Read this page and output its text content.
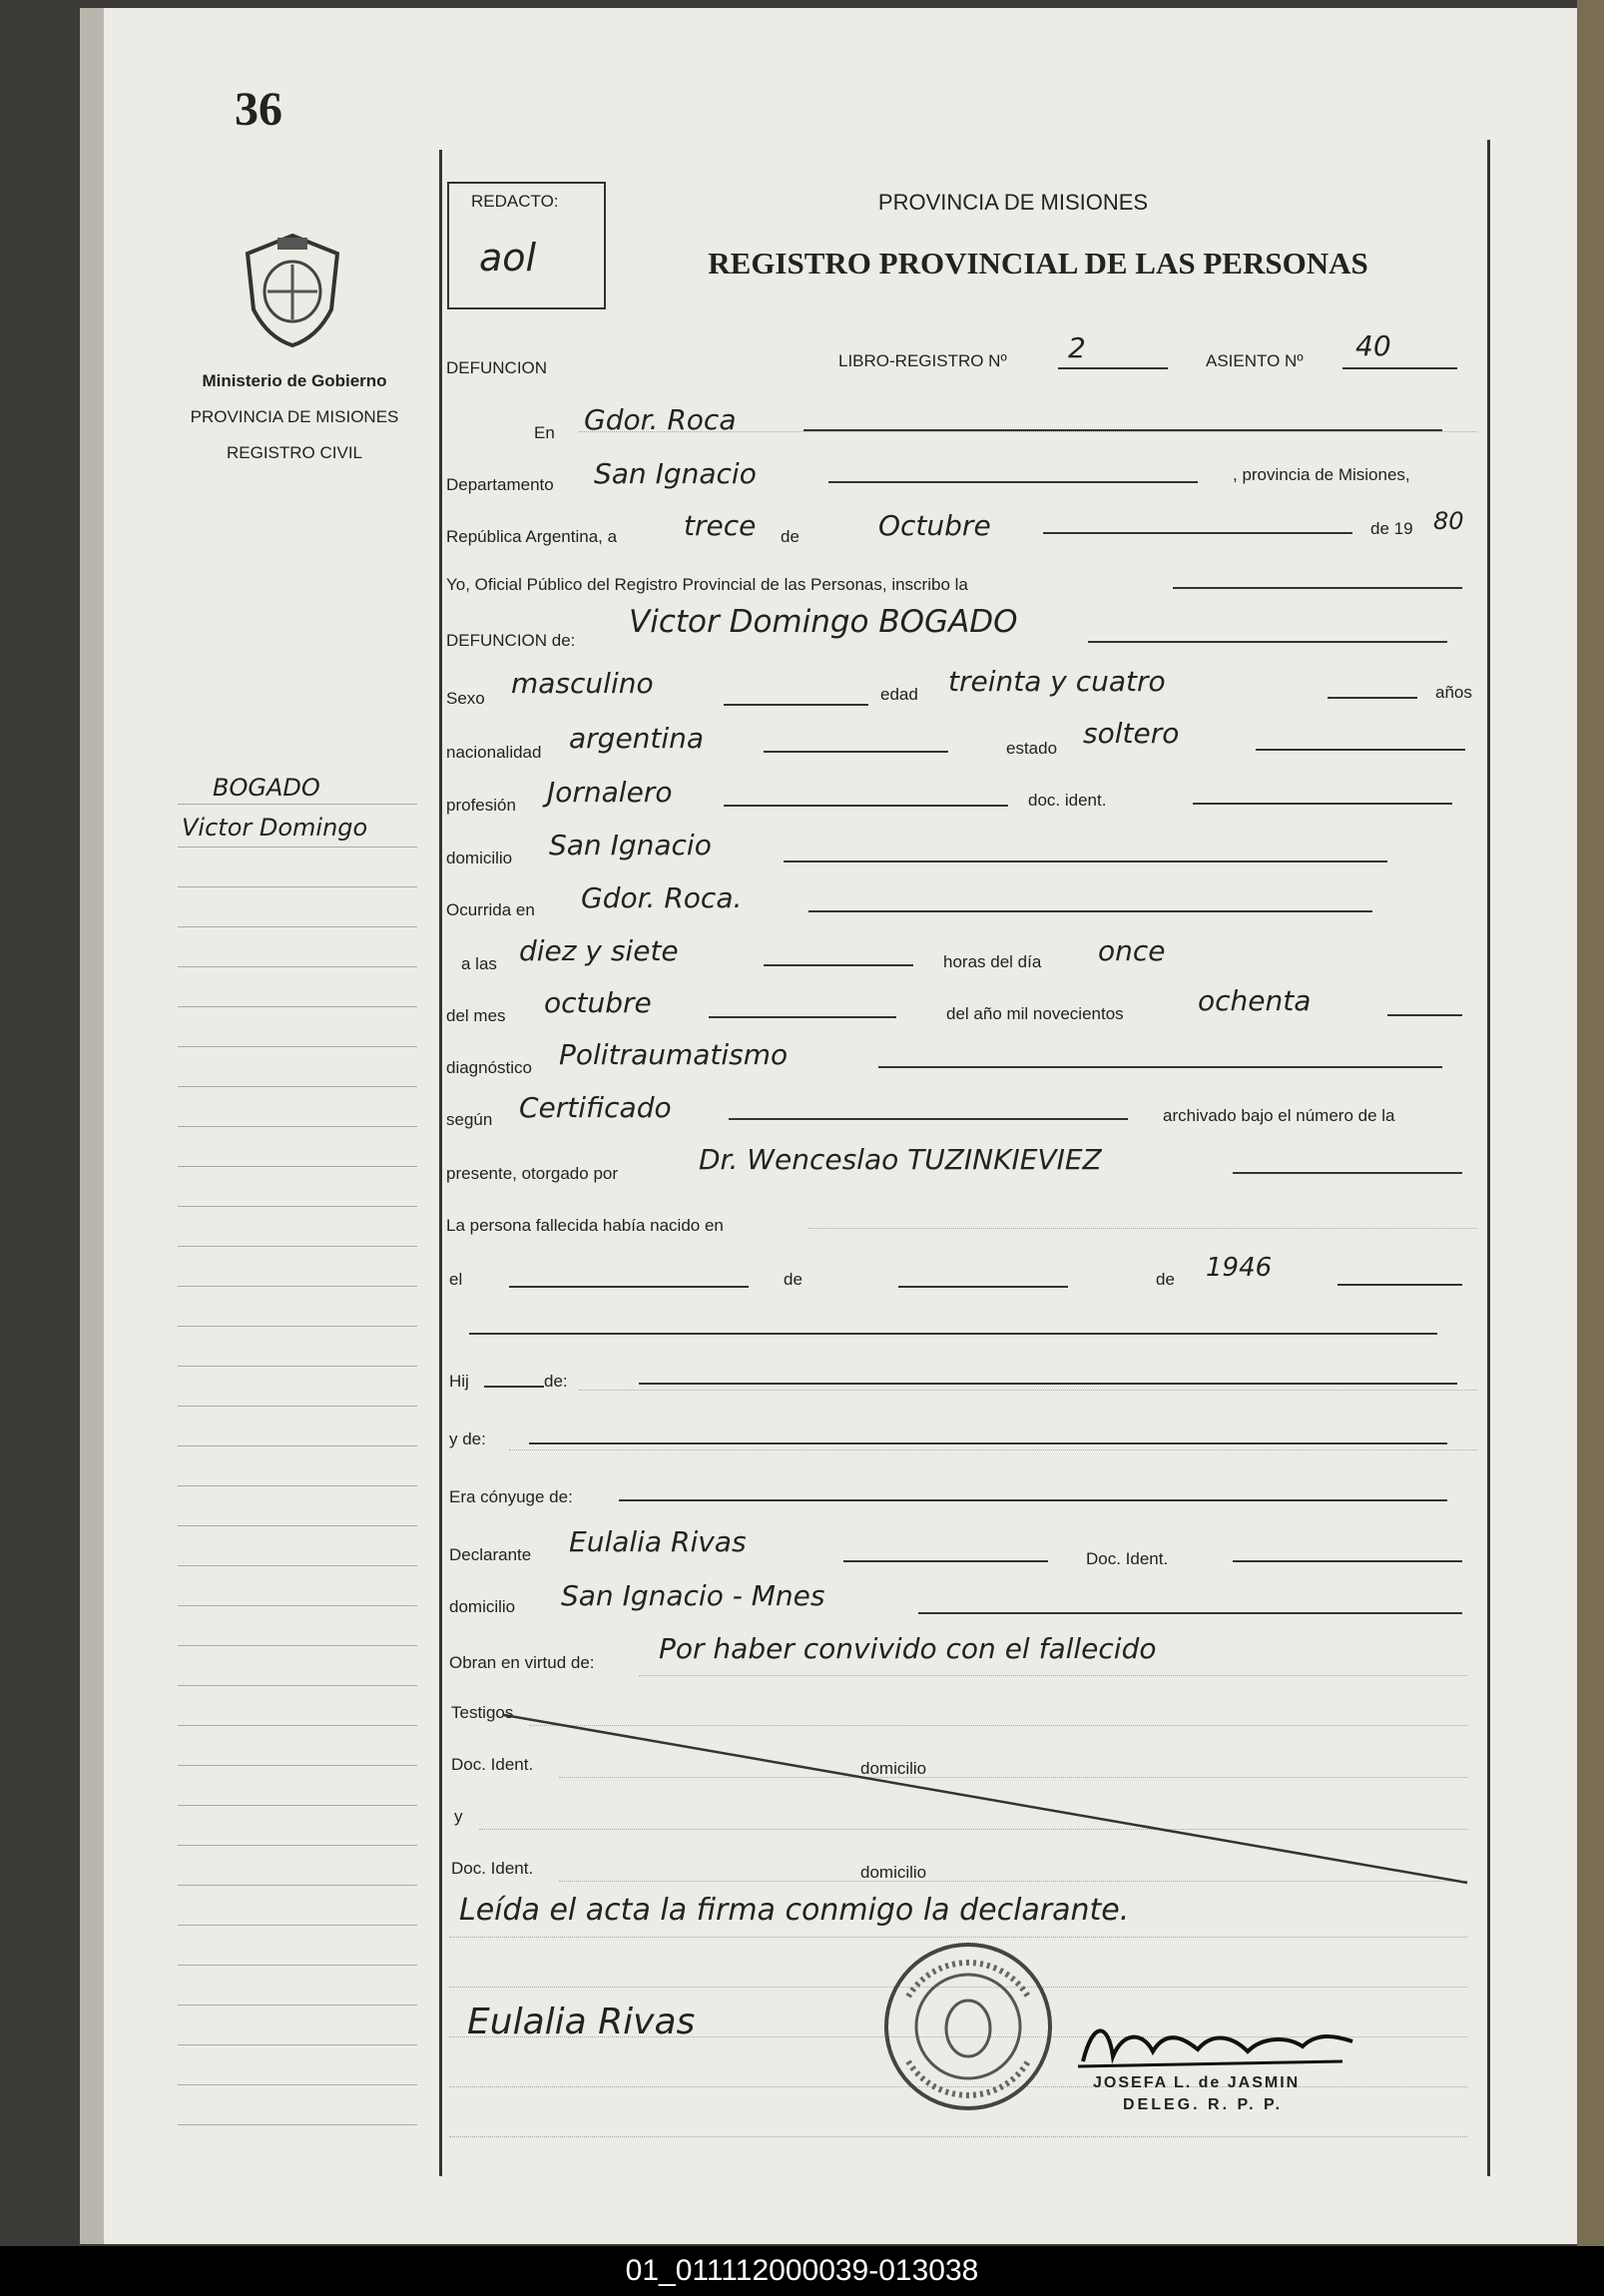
36
Ministerio de Gobierno
PROVINCIA DE MISIONES
REGISTRO CIVIL
BOGADO
Victor Domingo
REDACTO:
aol
PROVINCIA DE MISIONES
REGISTRO PROVINCIAL DE LAS PERSONAS
DEFUNCION	LIBRO-REGISTRO Nº 2	ASIENTO Nº 40
En Gdor. Roca
Departamento San Ignacio	, provincia de Misiones,
República Argentina, a trece de	Octubre	de 19 80
Yo, Oficial Público del Registro Provincial de las Personas, inscribo la
DEFUNCION de:
Victor Domingo BOGADO
Sexo masculino	edad treinta y cuatro	años
nacionalidad argentina	estado soltero
profesión Jornalero	doc. ident.
domicilio San Ignacio
Ocurrida en Gdor. Roca.
a las diez y siete	horas del día once
del mes octubre	del año mil novecientos	ochenta
diagnóstico Politraumatismo
según Certificado	archivado bajo el número de la
presente, otorgado por	Dr. Wenceslao TUZINKIEVIEZ
La persona fallecida había nacido en
el	de	de 1946
Hij	de:
y de:
Era cónyuge de:
Declarante Eulalia Rivas
Doc. Ident.
domicilio San Ignacio - Mnes
Obran en virtud de: Por haber convivido con el fallecido
Testigos
Doc. Ident.	domicilio
y
Doc. Ident.	domicilio
Leída el acta la firma conmigo la declarante.
Eulalia Rivas
JOSEFA L. de JASMIN
DELEG. R. P. P.
01_011112000039-013038
